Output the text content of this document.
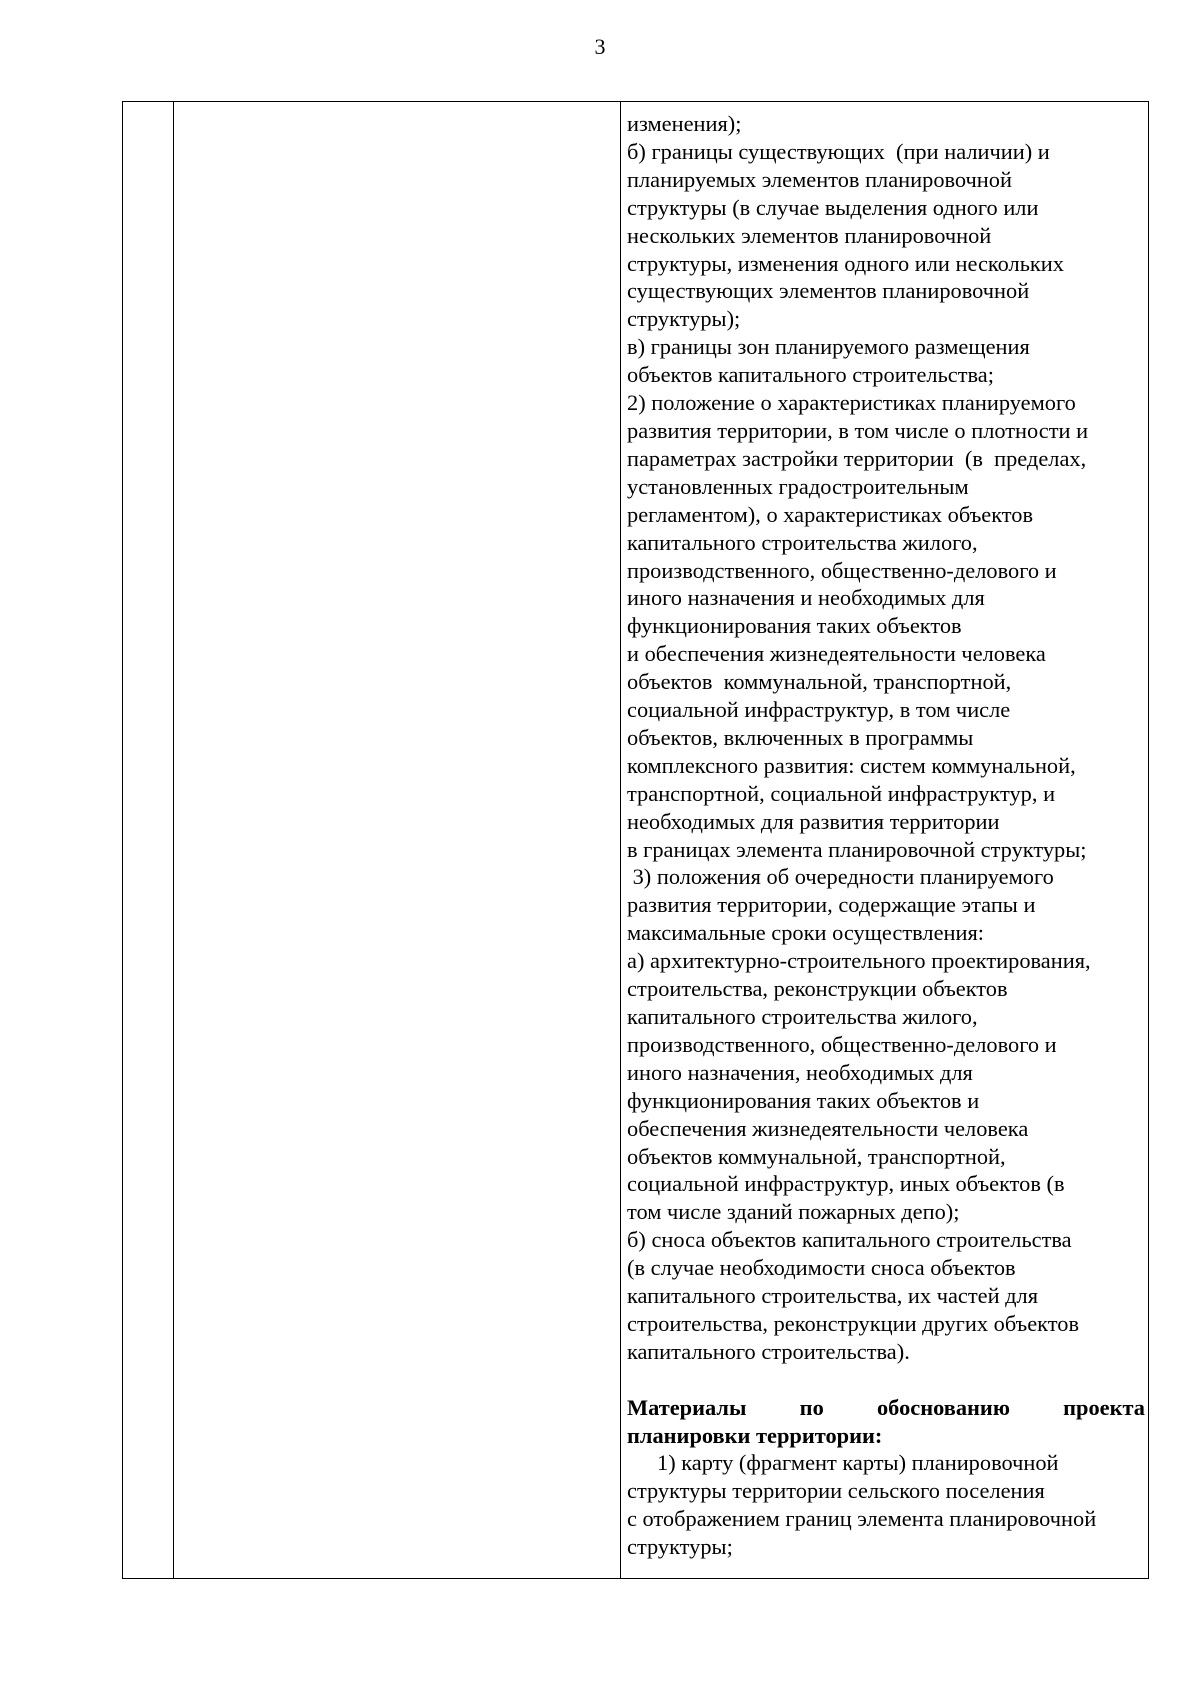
3
изменения);
б) границы существующих  (при наличии) и
планируемых элементов планировочной
структуры (в случае выделения одного или
нескольких элементов планировочной
структуры, изменения одного или нескольких
существующих элементов планировочной
структуры);
в) границы зон планируемого размещения
объектов капитального строительства;
2) положение о характеристиках планируемого
развития территории, в том числе о плотности и
параметрах застройки территории  (в  пределах,
установленных градостроительным
регламентом), о характеристиках объектов
капитального строительства жилого,
производственного, общественно-делового и
иного назначения и необходимых для
функционирования таких объектов
и обеспечения жизнедеятельности человека
объектов  коммунальной, транспортной,
социальной инфраструктур, в том числе
объектов, включенных в программы
комплексного развития: систем коммунальной,
транспортной, социальной инфраструктур, и
необходимых для развития территории
в границах элемента планировочной структуры;
3) положения об очередности планируемого
развития территории, содержащие этапы и
максимальные сроки осуществления:
а) архитектурно-строительного проектирования,
строительства, реконструкции объектов
капитального строительства жилого,
производственного, общественно-делового и
иного назначения, необходимых для
функционирования таких объектов и
обеспечения жизнедеятельности человека
объектов коммунальной, транспортной,
социальной инфраструктур, иных объектов (в
том числе зданий пожарных депо);
б) сноса объектов капитального строительства
(в случае необходимости сноса объектов
капитального строительства, их частей для
строительства, реконструкции других объектов
капитального строительства).
Материалы по обоснованию проекта
планировки территории:
1) карту (фрагмент карты) планировочной
структуры территории сельского поселения
с отображением границ элемента планировочной
структуры;
